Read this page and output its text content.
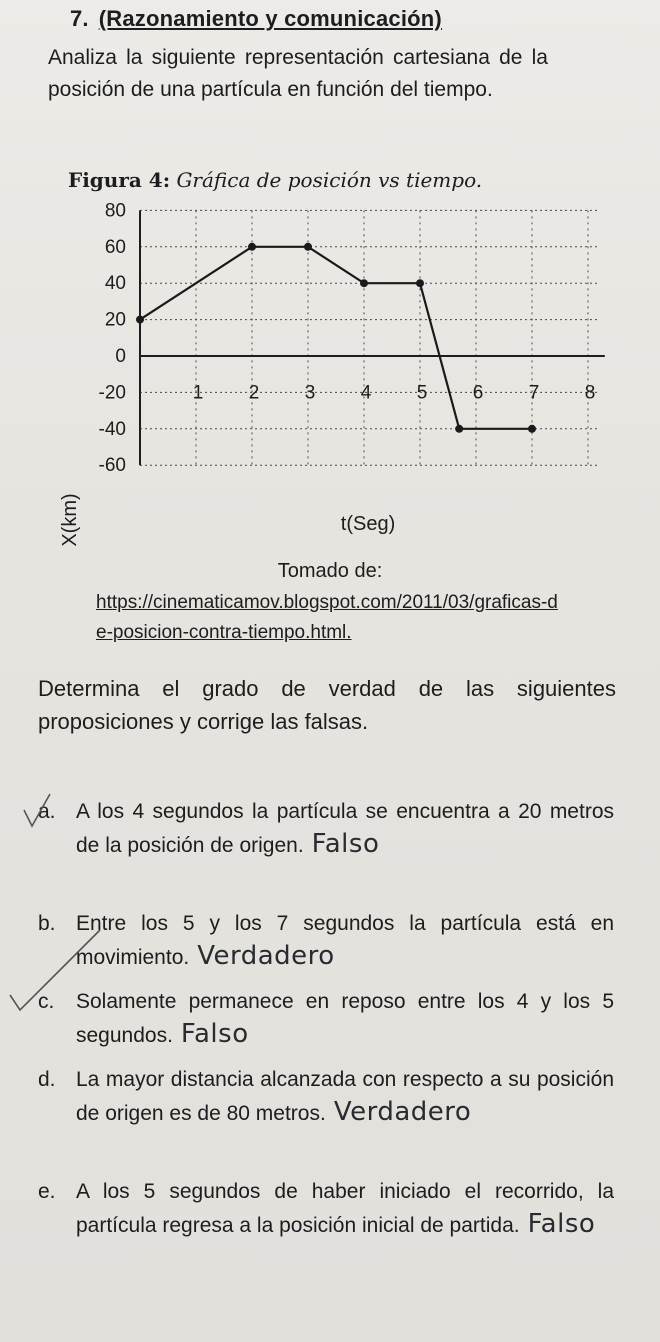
7. (Razonamiento y comunicación)
Analiza la siguiente representación cartesiana de la posición de una partícula en función del tiempo.
Figura 4: Gráfica de posición vs tiempo.
80
60
40
20
0
-20
-40
-60
1 2 3 4 5 6 7 8
X(km)	t(Seg)
Tomado de:
https://cinematicamov.blogspot.com/2011/03/graficas-de-posicion-contra-tiempo.html.
Determina el grado de verdad de las siguientes proposiciones y corrige las falsas.
a. A los 4 segundos la partícula se encuentra a 20 metros de la posición de origen. Falso
b. Entre los 5 y los 7 segundos la partícula está en movimiento. Verdadero
c. Solamente permanece en reposo entre los 4 y los 5 segundos. Falso
d. La mayor distancia alcanzada con respecto a su posición de origen es de 80 metros. Verdadero
e. A los 5 segundos de haber iniciado el recorrido, la partícula regresa a la posición inicial de partida. Falso
